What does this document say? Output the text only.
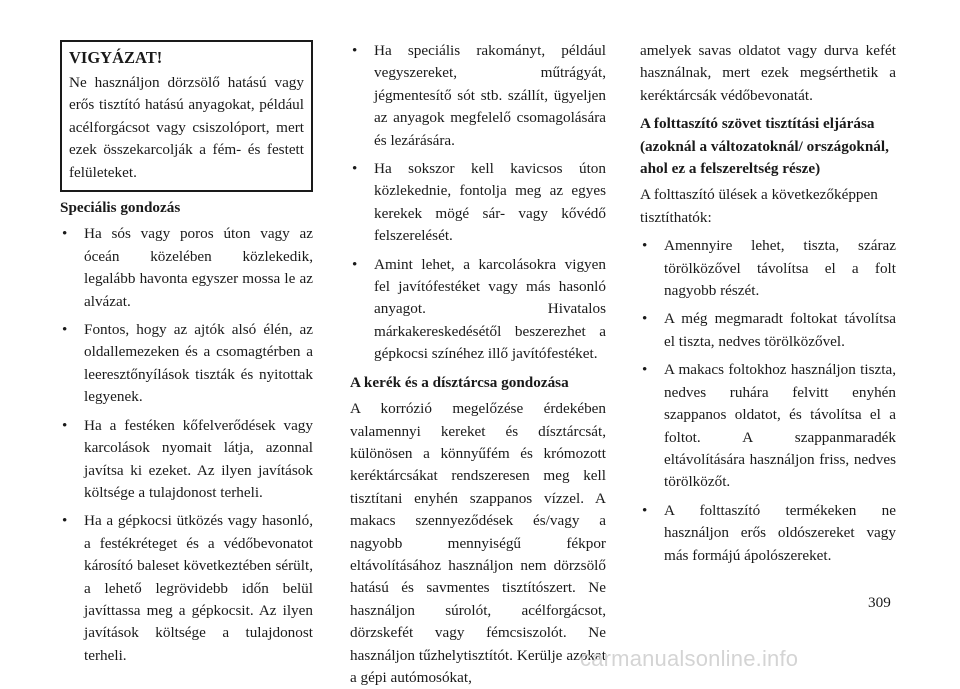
VIGYÁZAT!

Ne használjon dörzsölő hatású vagy erős tisztító hatású anyagokat, például acélforgácsot vagy csiszolóport, mert ezek összekarcolják a fém- és festett felületeket.

Speciális gondozás
• Ha sós vagy poros úton vagy az óceán közelében közlekedik, legalább havonta egyszer mossa le az alvázat.
• Fontos, hogy az ajtók alsó élén, az oldallemezeken és a csomagtérben a leeresztőnyílások tiszták és nyitottak legyenek.
• Ha a festéken kőfelverődések vagy karcolások nyomait látja, azonnal javítsa ki ezeket. Az ilyen javítások költsége a tulajdonost terheli.
• Ha a gépkocsi ütközés vagy hasonló, a festékréteget és a védőbevonatot károsító baleset következtében sérült, a lehető legrövidebb időn belül javíttassa meg a gépkocsit. Az ilyen javítások költsége a tulajdonost terheli.
• Ha speciális rakományt, például vegyszereket, műtrágyát, jégmentesítő sót stb. szállít, ügyeljen az anyagok megfelelő csomagolására és lezárására.
• Ha sokszor kell kavicsos úton közlekednie, fontolja meg az egyes kerekek mögé sár- vagy kővédő felszerelését.
• Amint lehet, a karcolásokra vigyen fel javítófestéket vagy más hasonló anyagot. Hivatalos márkakereskedésétől beszerezhet a gépkocsi színéhez illő javítófestéket.
A kerék és a dísztárcsa gondozása

A korrózió megelőzése érdekében valamennyi kereket és dísztárcsát, különösen a könnyűfém és krómozott keréktárcsákat rendszeresen meg kell tisztítani enyhén szappanos vízzel. A makacs szennyeződések és/vagy a nagyobb mennyiségű fékpor eltávolításához használjon nem dörzsölő hatású és savmentes tisztítószert. Ne használjon súrolót, acélforgácsot, dörzskefét vagy fémcsiszolót. Ne használjon tűzhelytisztítót. Kerülje azokat a gépi autómosókat,

amelyek savas oldatot vagy durva kefét használnak, mert ezek megsérthetik a keréktárcsák védőbevonatát.

A folttaszító szövet tisztítási eljárása (azoknál a változatoknál/ országoknál, ahol ez a felszereltség része)

A folttaszító ülések a következőképpen tisztíthatók:

• Amennyire lehet, tiszta, száraz törölközővel távolítsa el a folt nagyobb részét.
• A még megmaradt foltokat távolítsa el tiszta, nedves törölközővel.
• A makacs foltokhoz használjon tiszta, nedves ruhára felvitt enyhén szappanos oldatot, és távolítsa el a foltot. A szappanmaradék eltávolítására használjon friss, nedves törölközőt.
• A folttaszító termékeken ne használjon erős oldószereket vagy más formájú ápolószereket.
309
carmanualsonline.info
